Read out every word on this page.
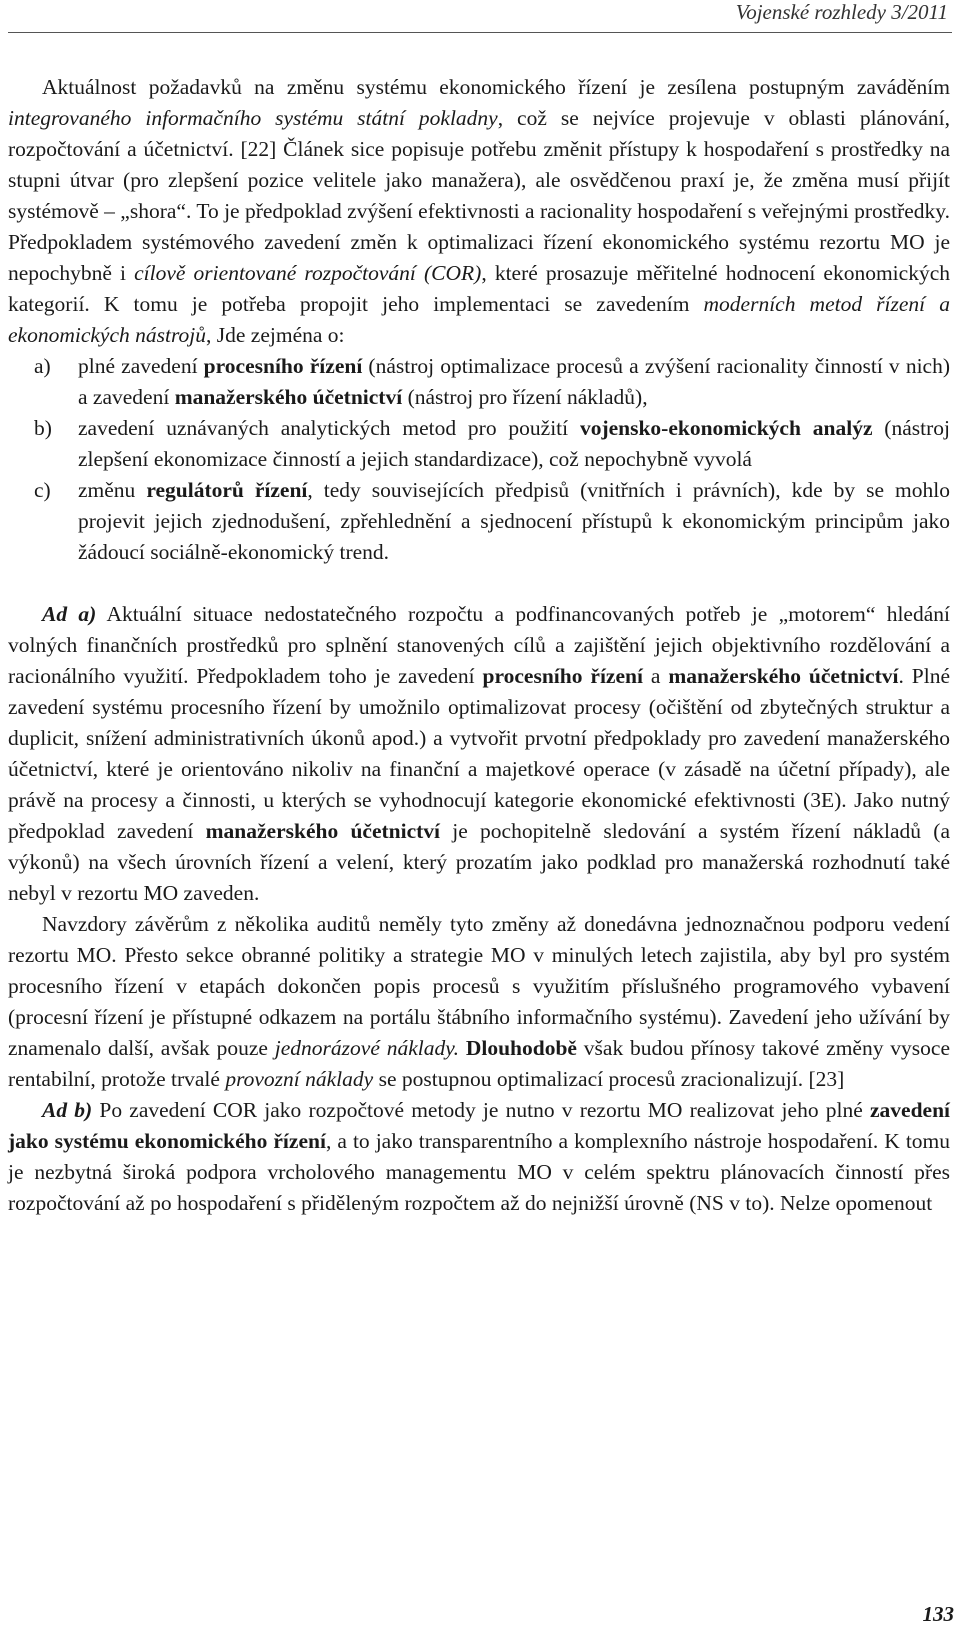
Vojenské rozhledy 3/2011

Aktuálnost požadavků na změnu systému ekonomického řízení je zesílena postupným zaváděním integrovaného informačního systému státní pokladny, což se nejvíce projevuje v oblasti plánování, rozpočtování a účetnictví. [22] Článek sice popisuje potřebu změnit přístupy k hospodaření s prostředky na stupni útvar (pro zlepšení pozice velitele jako manažera), ale osvědčenou praxí je, že změna musí přijít systémově – „shora“. To je předpoklad zvýšení efektivnosti a racionality hospodaření s veřejnými prostředky. Předpokladem systémového zavedení změn k optimalizaci řízení ekonomického systému rezortu MO je nepochybně i cílově orientované rozpočtování (COR), které prosazuje měřitelné hodnocení ekonomických kategorií. K tomu je potřeba propojit jeho implementaci se zavedením moderních metod řízení a ekonomických nástrojů, Jde zejména o:

a) plné zavedení procesního řízení (nástroj optimalizace procesů a zvýšení racionality činností v nich) a zavedení manažerského účetnictví (nástroj pro řízení nákladů),
b) zavedení uznávaných analytických metod pro použití vojensko-ekonomických analýz (nástroj zlepšení ekonomizace činností a jejich standardizace), což nepochybně vyvolá
c) změnu regulátorů řízení, tedy souvisejících předpisů (vnitřních i právních), kde by se mohlo projevit jejich zjednodušení, zpřehlednění a sjednocení přístupů k ekonomickým principům jako žádoucí sociálně-ekonomický trend.

Ad a) Aktuální situace nedostatečného rozpočtu a podfinancovaných potřeb je „motorem“ hledání volných finančních prostředků pro splnění stanovených cílů a zajištění jejich objektivního rozdělování a racionálního využití. Předpokladem toho je zavedení procesního řízení a manažerského účetnictví. Plné zavedení systému procesního řízení by umožnilo optimalizovat procesy (očištění od zbytečných struktur a duplicit, snížení administrativních úkonů apod.) a vytvořit prvotní předpoklady pro zavedení manažerského účetnictví, které je orientováno nikoliv na finanční a majetkové operace (v zásadě na účetní případy), ale právě na procesy a činnosti, u kterých se vyhodnocují kategorie ekonomické efektivnosti (3E). Jako nutný předpoklad zavedení manažerského účetnictví je pochopitelně sledování a systém řízení nákladů (a výkonů) na všech úrovních řízení a velení, který prozatím jako podklad pro manažerská rozhodnutí také nebyl v rezortu MO zaveden.

Navzdory závěrům z několika auditů neměly tyto změny až donedávna jednoznačnou podporu vedení rezortu MO. Přesto sekce obranné politiky a strategie MO v minulých letech zajistila, aby byl pro systém procesního řízení v etapách dokončen popis procesů s využitím příslušného programového vybavení (procesní řízení je přístupné odkazem na portálu štábního informačního systému). Zavedení jeho užívání by znamenalo další, avšak pouze jednorázové náklady. Dlouhodobě však budou přínosy takové změny vysoce rentabilní, protože trvalé provozní náklady se postupnou optimalizací procesů zracionalizují. [23]

Ad b) Po zavedení COR jako rozpočtové metody je nutno v rezortu MO realizovat jeho plné zavedení jako systému ekonomického řízení, a to jako transparentního a komplexního nástroje hospodaření. K tomu je nezbytná široká podpora vrcholového managementu MO v celém spektru plánovacích činností přes rozpočtování až po hospodaření s přiděleným rozpočtem až do nejnižší úrovně (NS v to). Nelze opomenout

133
